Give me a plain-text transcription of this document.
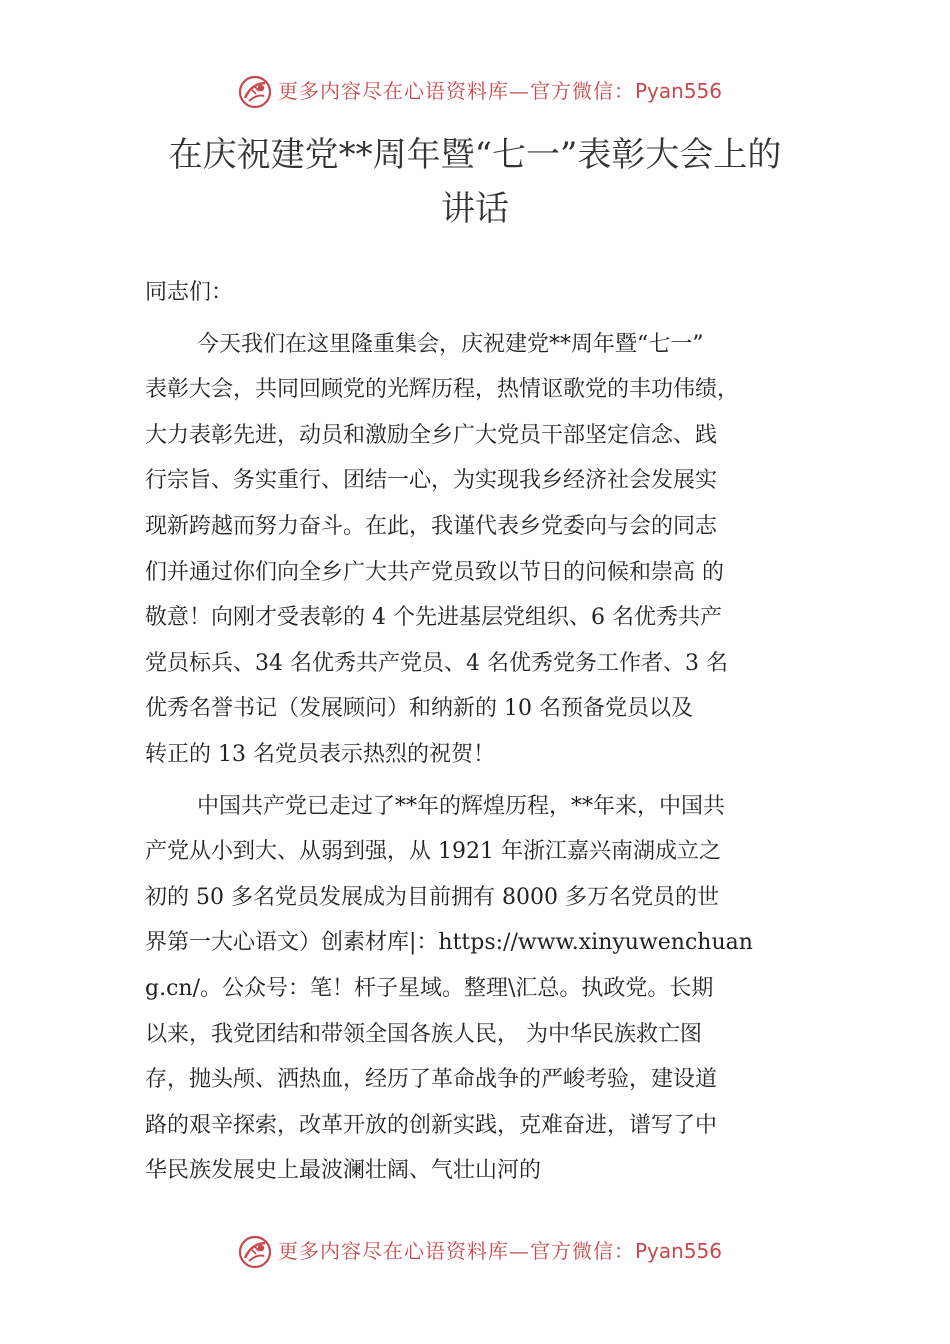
更多内容尽在心语资料库—官方微信：Pyan556
在庆祝建党**周年暨“七一”表彰大会上的
讲话
同志们：
今天我们在这里隆重集会，庆祝建党**周年暨“七一”
表彰大会，共同回顾党的光辉历程，热情讴歌党的丰功伟绩，
大力表彰先进，动员和激励全乡广大党员干部坚定信念、践
行宗旨、务实重行、团结一心，为实现我乡经济社会发展实
现新跨越而努力奋斗。在此，我谨代表乡党委向与会的同志
们并通过你们向全乡广大共产党员致以节日的问候和崇高 的
敬意！向刚才受表彰的 4 个先进基层党组织、6 名优秀共产
党员标兵、34 名优秀共产党员、4 名优秀党务工作者、3 名
优秀名誉书记（发展顾问）和纳新的 10 名预备党员以及
转正的 13 名党员表示热烈的祝贺！
中国共产党已走过了**年的辉煌历程，**年来，中国共
产党从小到大、从弱到强，从 1921 年浙江嘉兴南湖成立之
初的 50 多名党员发展成为目前拥有 8000 多万名党员的世
界第一大心语文）创素材库|：https://www.xinyuwenchuan
g.cn/。公众号：笔！杆子星域。整理\汇总。执政党。长期
以来，我党团结和带领全国各族人民， 为中华民族救亡图
存，抛头颅、洒热血，经历了革命战争的严峻考验，建设道
路的艰辛探索，改革开放的创新实践，克难奋进，谱写了中
华民族发展史上最波澜壮阔、气壮山河的
更多内容尽在心语资料库—官方微信：Pyan556
